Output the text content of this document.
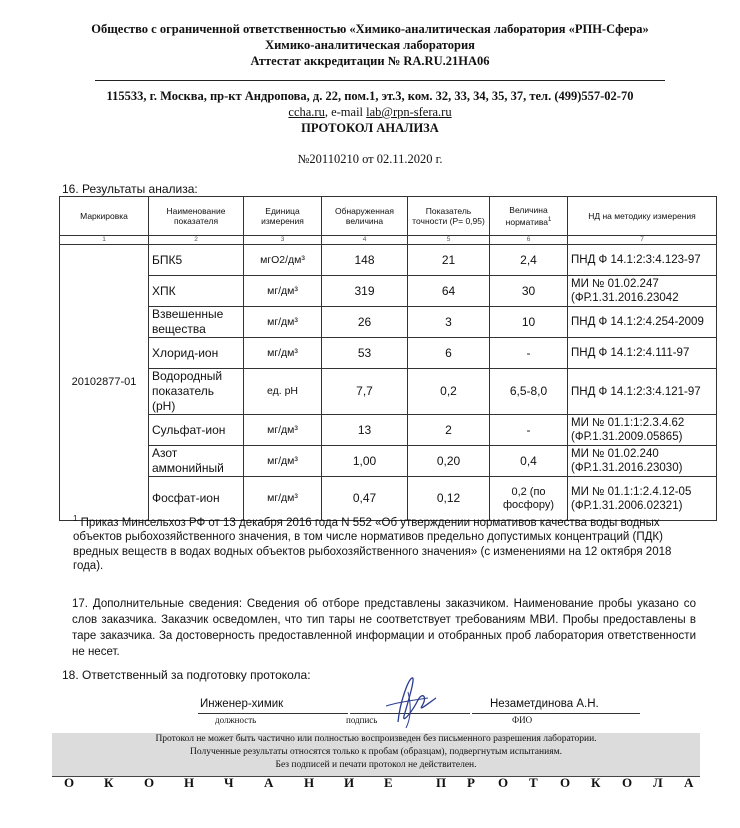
Общество с ограниченной ответственностью «Химико-аналитическая лаборатория «РПН-Сфера»
Химико-аналитическая лаборатория
Аттестат аккредитации № RA.RU.21HA06
115533, г. Москва, пр-кт Андропова, д. 22, пом.1, эт.3, ком. 32, 33, 34, 35, 37, тел. (499)557-02-70
ccha.ru, e-mail lab@rpn-sfera.ru
ПРОТОКОЛ АНАЛИЗА
№20110210 от 02.11.2020 г.
16. Результаты анализа:
Маркировка	Наименование показателя	Единица измерения	Обнаруженная величина	Показатель точности (P= 0,95)	Величина норматива$^1$	НД на методику измерения
1	2	3	4	5	6	7
20102877-01	БПК5	мгO2/дм³	148	21	2,4	ПНД Ф 14.1:2:3:4.123-97
	ХПК	мг/дм³	319	64	30	МИ № 01.02.247 (ФР.1.31.2016.23042
	Взвешенные вещества	мг/дм³	26	3	10	ПНД Ф 14.1:2:4.254-2009
	Хлорид-ион	мг/дм³	53	6	-	ПНД Ф 14.1:2:4.111-97
	Водородный показатель (pH)	ед. pH	7,7	0,2	6,5-8,0	ПНД Ф 14.1:2:3:4.121-97
	Сульфат-ион	мг/дм³	13	2	-	МИ № 01.1:1:2.3.4.62 (ФР.1.31.2009.05865)
	Азот аммонийный	мг/дм³	1,00	0,20	0,4	МИ № 01.02.240 (ФР.1.31.2016.23030)
	Фосфат-ион	мг/дм³	0,47	0,12	0,2 (по фосфору)	МИ № 01.1:1:2.4.12-05 (ФР.1.31.2006.02321)
$^1$ Приказ Минсельхоз РФ от 13 декабря 2016 года N 552 «Об утверждении нормативов качества воды водных объектов рыбохозяйственного значения, в том числе нормативов предельно допустимых концентраций (ПДК) вредных веществ в водах водных объектов рыбохозяйственного значения» (с изменениями на 12 октября 2018 года).
17. Дополнительные сведения: Сведения об отборе представлены заказчиком. Наименование пробы указано со слов заказчика. Заказчик осведомлен, что тип тары не соответствует требованиям МВИ. Пробы предоставлены в таре заказчика. За достоверность предоставленной информации и отобранных проб лаборатория ответственности не несет.
18. Ответственный за подготовку протокола:
Инженер-химик
должность	подпись
Незаметдинова А.Н.
ФИО
Протокол не может быть частично или полностью воспроизведен без письменного разрешения лаборатории.
Полученные результаты относятся только к пробам (образцам), подвергнутым испытаниям.
Без подписей и печати протокол не действителен.
О К О Н Ч А Н И Е	П Р О Т О К О Л А
